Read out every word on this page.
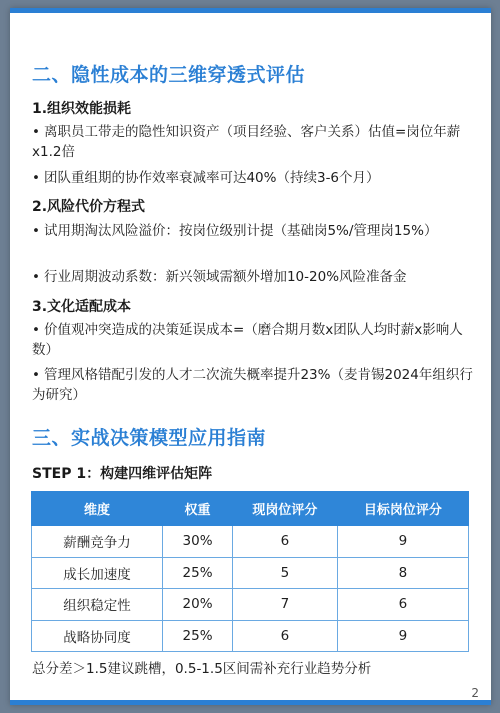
二、隐性成本的三维穿透式评估
1.组织效能损耗
• 离职员工带走的隐性知识资产（项目经验、客户关系）估值=岗位年薪x1.2倍
• 团队重组期的协作效率衰减率可达40%（持续3-6个月）
2.风险代价方程式
• 试用期淘汰风险溢价：按岗位级别计提（基础岗5%/管理岗15%）
• 行业周期波动系数：新兴领域需额外增加10-20%风险准备金
3.文化适配成本
• 价值观冲突造成的决策延误成本=（磨合期月数x团队人均时薪x影响人数）
• 管理风格错配引发的人才二次流失概率提升23%（麦肯锡2024年组织行为研究）
三、实战决策模型应用指南
STEP 1：构建四维评估矩阵
维度	权重	现岗位评分	目标岗位评分
薪酬竞争力	30%	6	9
成长加速度	25%	5	8
组织稳定性	20%	7	6
战略协同度	25%	6	9
总分差＞1.5建议跳槽，0.5-1.5区间需补充行业趋势分析
2
